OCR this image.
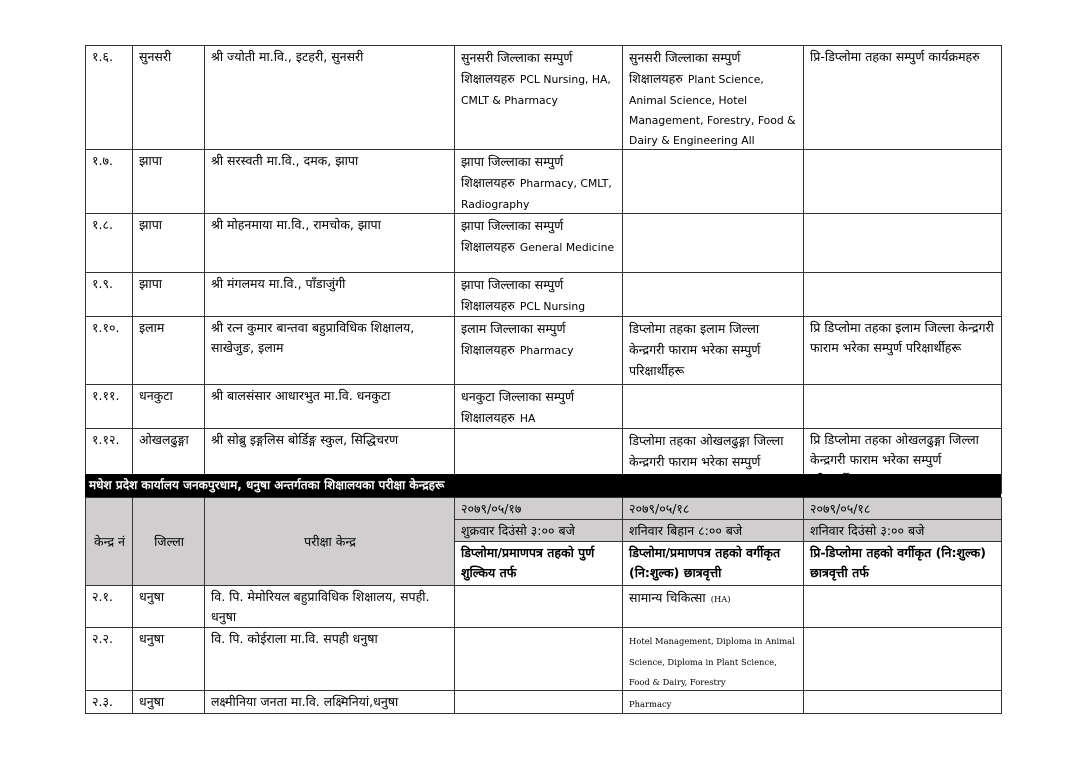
१.६.	सुनसरी	श्री ज्योती मा.वि., इटहरी, सुनसरी	सुनसरी जिल्लाका सम्पुर्ण शिक्षालयहरु PCL Nursing, HA, CMLT & Pharmacy	सुनसरी जिल्लाका सम्पुर्ण शिक्षालयहरु Plant Science, Animal Science, Hotel Management, Forestry, Food & Dairy & Engineering All	प्रि-डिप्लोमा तहका सम्पुर्ण कार्यक्रमहरु
१.७.	झापा	श्री सरस्वती मा.वि., दमक, झापा	झापा जिल्लाका सम्पुर्ण शिक्षालयहरु Pharmacy, CMLT, Radiography		
१.८.	झापा	श्री मोहनमाया मा.वि., रामचोक, झापा	झापा जिल्लाका सम्पुर्ण शिक्षालयहरु General Medicine		
१.९.	झापा	श्री मंगलमय मा.वि., पाँडाजुंगी	झापा जिल्लाका सम्पुर्ण शिक्षालयहरु PCL Nursing		
१.१०.	इलाम	श्री रत्न कुमार बान्तवा बहुप्राविधिक शिक्षालय, साखेजुङ, इलाम	इलाम जिल्लाका सम्पुर्ण शिक्षालयहरु Pharmacy	डिप्लोमा तहका इलाम जिल्ला केन्द्रगरी फाराम भरेका सम्पुर्ण परिक्षार्थीहरू	प्रि डिप्लोमा तहका इलाम जिल्ला केन्द्रगरी फाराम भरेका सम्पुर्ण परिक्षार्थीहरू
१.११.	धनकुटा	श्री बालसंसार आधारभुत मा.वि. धनकुटा	धनकुटा जिल्लाका सम्पुर्ण शिक्षालयहरु HA		
१.१२.	ओखलढुङ्गा	श्री सोब्रु इङ्गलिस बोर्डिङ्ग स्कुल, सिद्धिचरण		डिप्लोमा तहका ओखलढुङ्गा जिल्ला केन्द्रगरी फाराम भरेका सम्पुर्ण	प्रि डिप्लोमा तहका ओखलढुङ्गा जिल्ला केन्द्रगरी फाराम भरेका सम्पुर्ण
मधेश प्रदेश कार्यालय जनकपुरधाम, धनुषा अन्तर्गतका शिक्षालयका परीक्षा केन्द्रहरू
केन्द्र नं	जिल्ला	परीक्षा केन्द्र	२०७९/०५/१७	२०७९/०५/१८	२०७९/०५/१८
			शुक्रवार दिउंसो ३:०० बजे	शनिवार बिहान ८:०० बजे	शनिवार दिउंसो ३:०० बजे
			डिप्लोमा/प्रमाणपत्र तहको पुर्ण शुल्किय तर्फ	डिप्लोमा/प्रमाणपत्र तहको वर्गीकृत (नि:शुल्क) छात्रवृत्ती	प्रि-डिप्लोमा तहको वर्गीकृत (नि:शुल्क) छात्रवृत्ती तर्फ
२.१.	धनुषा	वि. पि. मेमोरियल बहुप्राविधिक शिक्षालय, सपही. धनुषा		सामान्य चिकित्सा (HA)	
२.२.	धनुषा	वि. पि. कोईराला मा.वि. सपही धनुषा		Hotel Management, Diploma in Animal Science, Diploma in Plant Science, Food & Dairy, Forestry	
२.३.	धनुषा	लक्ष्मीनिया जनता मा.वि. लक्ष्मिनियां,धनुषा		Pharmacy	
